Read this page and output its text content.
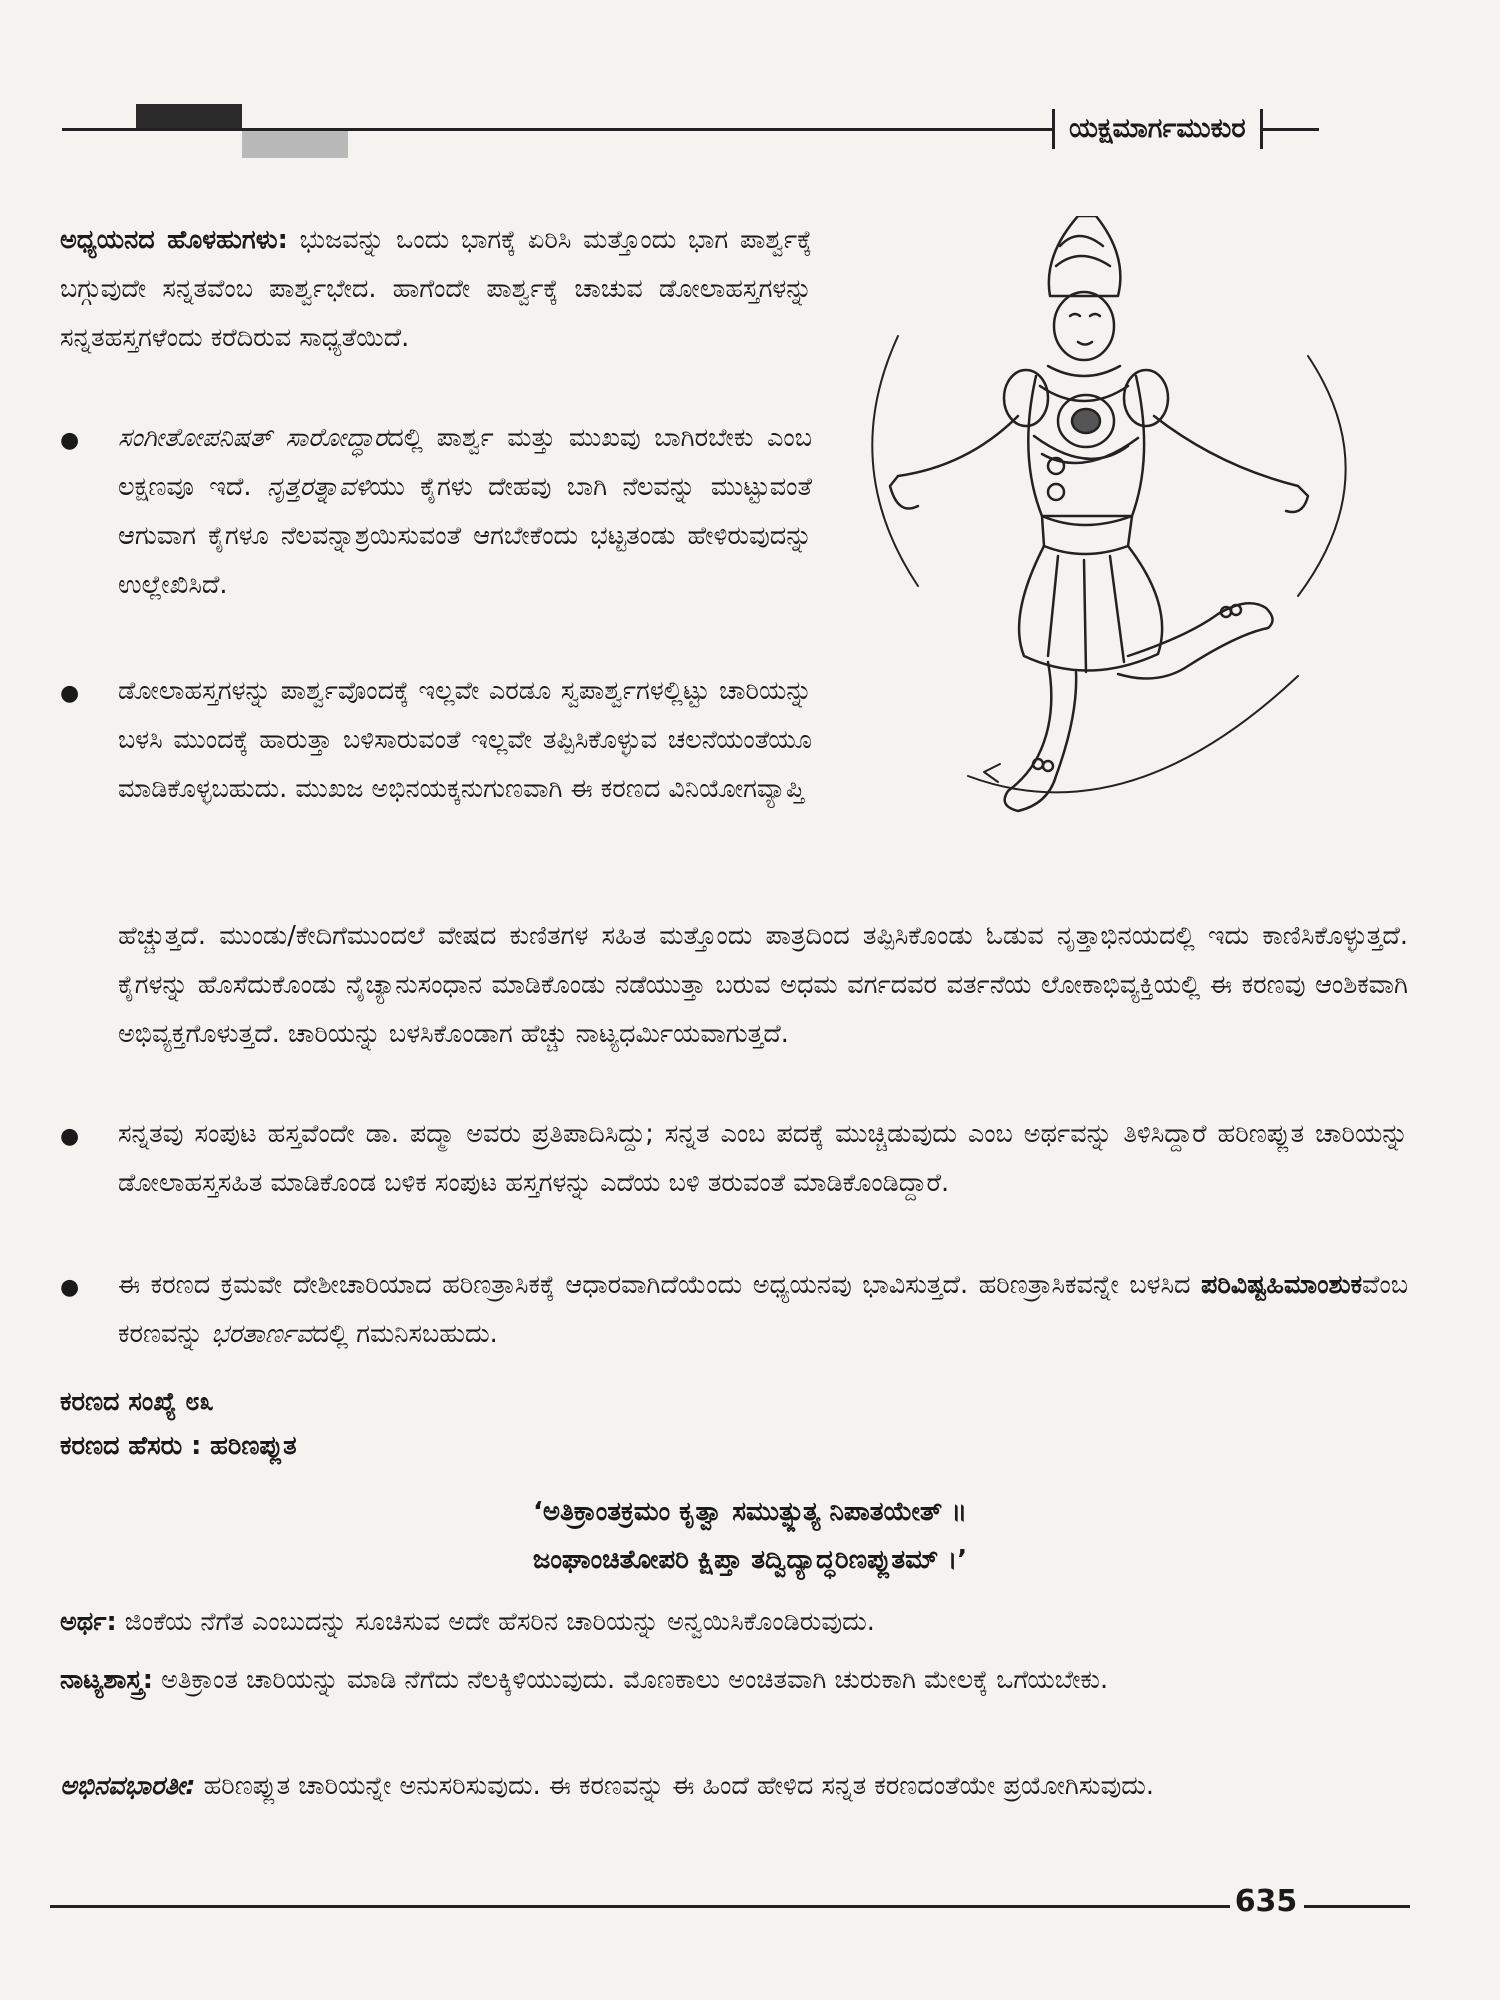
ಯಕ್ಷಮಾರ್ಗಮುಕುರ
ಅಧ್ಯಯನದ ಹೊಳಹುಗಳು: ಭುಜವನ್ನು ಒಂದು ಭಾಗಕ್ಕೆ ಏರಿಸಿ ಮತ್ತೊಂದು ಭಾಗ ಪಾರ್ಶ್ವಕ್ಕೆ ಬಗ್ಗುವುದೇ ಸನ್ನತವೆಂಬ ಪಾರ್ಶ್ವಭೇದ. ಹಾಗೆಂದೇ ಪಾರ್ಶ್ವಕ್ಕೆ ಚಾಚುವ ಡೋಲಾಹಸ್ತಗಳನ್ನು ಸನ್ನತಹಸ್ತಗಳೆಂದು ಕರೆದಿರುವ ಸಾಧ್ಯತೆಯಿದೆ.
● ಸಂಗೀತೋಪನಿಷತ್ ಸಾರೋದ್ಧಾರದಲ್ಲಿ ಪಾರ್ಶ್ವ ಮತ್ತು ಮುಖವು ಬಾಗಿರಬೇಕು ಎಂಬ ಲಕ್ಷಣವೂ ಇದೆ. ನೃತ್ತರತ್ನಾವಳಿಯು ಕೈಗಳು ದೇಹವು ಬಾಗಿ ನೆಲವನ್ನು ಮುಟ್ಟುವಂತೆ ಆಗುವಾಗ ಕೈಗಳೂ ನೆಲವನ್ನಾಶ್ರಯಿಸುವಂತೆ ಆಗಬೇಕೆಂದು ಭಟ್ಟತಂಡು ಹೇಳಿರುವುದನ್ನು ಉಲ್ಲೇಖಿಸಿದೆ.
● ಡೋಲಾಹಸ್ತಗಳನ್ನು ಪಾರ್ಶ್ವವೊಂದಕ್ಕೆ ಇಲ್ಲವೇ ಎರಡೂ ಸ್ವಪಾರ್ಶ್ವಗಳಲ್ಲಿಟ್ಟು ಚಾರಿಯನ್ನು ಬಳಸಿ ಮುಂದಕ್ಕೆ ಹಾರುತ್ತಾ ಬಳಿಸಾರುವಂತೆ ಇಲ್ಲವೇ ತಪ್ಪಿಸಿಕೊಳ್ಳುವ ಚಲನೆಯಂತೆಯೂ ಮಾಡಿಕೊಳ್ಳಬಹುದು. ಮುಖಜ ಅಭಿನಯಕ್ಕನುಗುಣವಾಗಿ ಈ ಕರಣದ ವಿನಿಯೋಗವ್ಯಾಪ್ತಿ
ಹೆಚ್ಚುತ್ತದೆ. ಮುಂಡು/ಕೇದಿಗೆಮುಂದಲೆ ವೇಷದ ಕುಣಿತಗಳ ಸಹಿತ ಮತ್ತೊಂದು ಪಾತ್ರದಿಂದ ತಪ್ಪಿಸಿಕೊಂಡು ಓಡುವ ನೃತ್ತಾಭಿನಯದಲ್ಲಿ ಇದು ಕಾಣಿಸಿಕೊಳ್ಳುತ್ತದೆ. ಕೈಗಳನ್ನು ಹೊಸೆದುಕೊಂಡು ನೈಚ್ಯಾನುಸಂಧಾನ ಮಾಡಿಕೊಂಡು ನಡೆಯುತ್ತಾ ಬರುವ ಅಧಮ ವರ್ಗದವರ ವರ್ತನೆಯ ಲೋಕಾಭಿವ್ಯಕ್ತಿಯಲ್ಲಿ ಈ ಕರಣವು ಆಂಶಿಕವಾಗಿ ಅಭಿವ್ಯಕ್ತಗೊಳುತ್ತದೆ. ಚಾರಿಯನ್ನು ಬಳಸಿಕೊಂಡಾಗ ಹೆಚ್ಚು ನಾಟ್ಯಧರ್ಮಿಯವಾಗುತ್ತದೆ.
● ಸನ್ನತವು ಸಂಪುಟ ಹಸ್ತವೆಂದೇ ಡಾ. ಪದ್ಮಾ ಅವರು ಪ್ರತಿಪಾದಿಸಿದ್ದು; ಸನ್ನತ ಎಂಬ ಪದಕ್ಕೆ ಮುಚ್ಚಿಡುವುದು ಎಂಬ ಅರ್ಥವನ್ನು ತಿಳಿಸಿದ್ದಾರೆ ಹರಿಣಪ್ಲುತ ಚಾರಿಯನ್ನು ಡೋಲಾಹಸ್ತಸಹಿತ ಮಾಡಿಕೊಂಡ ಬಳಿಕ ಸಂಪುಟ ಹಸ್ತಗಳನ್ನು ಎದೆಯ ಬಳಿ ತರುವಂತೆ ಮಾಡಿಕೊಂಡಿದ್ದಾರೆ.
● ಈ ಕರಣದ ಕ್ರಮವೇ ದೇಶೀಚಾರಿಯಾದ ಹರಿಣತ್ರಾಸಿಕಕ್ಕೆ ಆಧಾರವಾಗಿದೆಯೆಂದು ಅಧ್ಯಯನವು ಭಾವಿಸುತ್ತದೆ. ಹರಿಣತ್ರಾಸಿಕವನ್ನೇ ಬಳಸಿದ ಪರಿವಿಷ್ಟಹಿಮಾಂಶುಕವೆಂಬ ಕರಣವನ್ನು ಭರತಾರ್ಣವದಲ್ಲಿ ಗಮನಿಸಬಹುದು.
ಕರಣದ ಸಂಖ್ಯೆ ೮೩
ಕರಣದ ಹೆಸರು : ಹರಿಣಪ್ಲುತ
‘ಅತಿಕ್ರಾಂತಕ್ರಮಂ ಕೃತ್ವಾ ಸಮುತ್ಪ್ಲುತ್ಯ ನಿಪಾತಯೇತ್ ॥
ಜಂಘಾಂಚಿತೋಪರಿ ಕ್ಷಿಪ್ತಾ ತದ್ವಿದ್ಯಾದ್ಧರಿಣಪ್ಲುತಮ್ ।’
ಅರ್ಥ: ಜಿಂಕೆಯ ನೆಗೆತ ಎಂಬುದನ್ನು ಸೂಚಿಸುವ ಅದೇ ಹೆಸರಿನ ಚಾರಿಯನ್ನು ಅನ್ವಯಿಸಿಕೊಂಡಿರುವುದು.
ನಾಟ್ಯಶಾಸ್ತ್ರ: ಅತಿಕ್ರಾಂತ ಚಾರಿಯನ್ನು ಮಾಡಿ ನೆಗೆದು ನೆಲಕ್ಕಿಳಿಯುವುದು. ಮೊಣಕಾಲು ಅಂಚಿತವಾಗಿ ಚುರುಕಾಗಿ ಮೇಲಕ್ಕೆ ಒಗೆಯಬೇಕು.
ಅಭಿನವಭಾರತೀ: ಹರಿಣಪ್ಲುತ ಚಾರಿಯನ್ನೇ ಅನುಸರಿಸುವುದು. ಈ ಕರಣವನ್ನು ಈ ಹಿಂದೆ ಹೇಳಿದ ಸನ್ನತ ಕರಣದಂತೆಯೇ ಪ್ರಯೋಗಿಸುವುದು.
635
